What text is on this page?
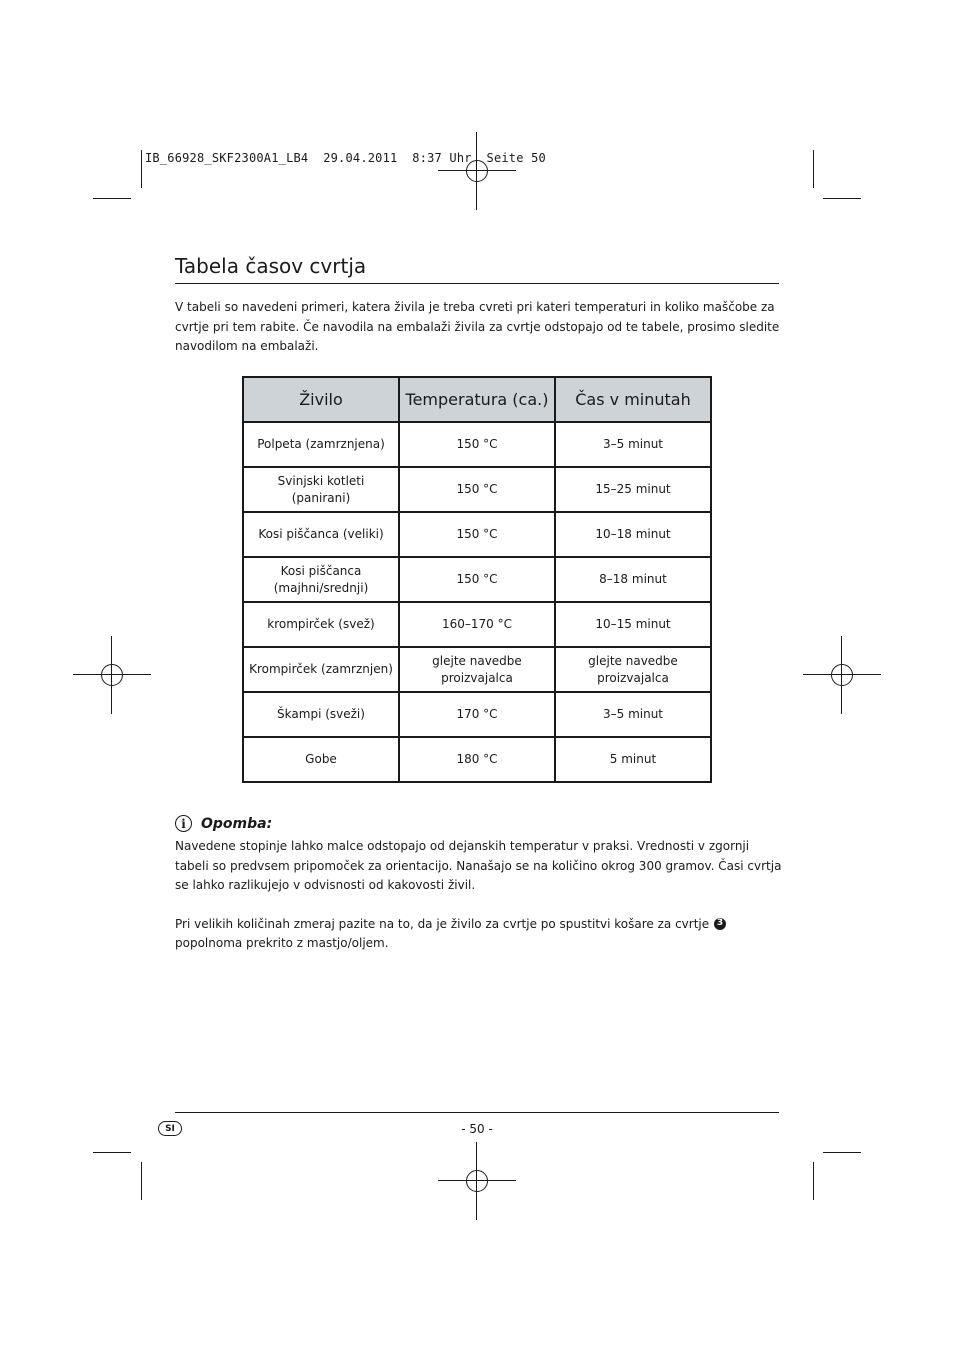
IB_66928_SKF2300A1_LB4  29.04.2011  8:37 Uhr  Seite 50
Tabela časov cvrtja

V tabeli so navedeni primeri, katera živila je treba cvreti pri kateri temperaturi in koliko maščobe za cvrtje pri tem rabite. Če navodila na embalaži živila za cvrtje odstopajo od te tabele, prosimo sledite navodilom na embalaži.

Živilo	Temperatura (ca.)	Čas v minutah
Polpeta (zamrznjena)	150 °C	3–5 minut
Svinjski kotleti (panirani)	150 °C	15–25 minut
Kosi piščanca (veliki)	150 °C	10–18 minut
Kosi piščanca (majhni/srednji)	150 °C	8–18 minut
krompirček (svež)	160–170 °C	10–15 minut
Krompirček (zamrznjen)	glejte navedbe proizvajalca	glejte navedbe proizvajalca
Škampi (sveži)	170 °C	3–5 minut
Gobe	180 °C	5 minut
i	Opomba:

Navedene stopinje lahko malce odstopajo od dejanskih temperatur v praksi. Vrednosti v zgornji tabeli so predvsem pripomoček za orientacijo. Nanašajo se na količino okrog 300 gramov. Časi cvrtja se lahko razlikujejo v odvisnosti od kakovosti živil.

Pri velikih količinah zmeraj pazite na to, da je živilo za cvrtje po spustitvi košare za cvrtje 3 popolnoma prekrito z mastjo/oljem.

SI	- 50 -
